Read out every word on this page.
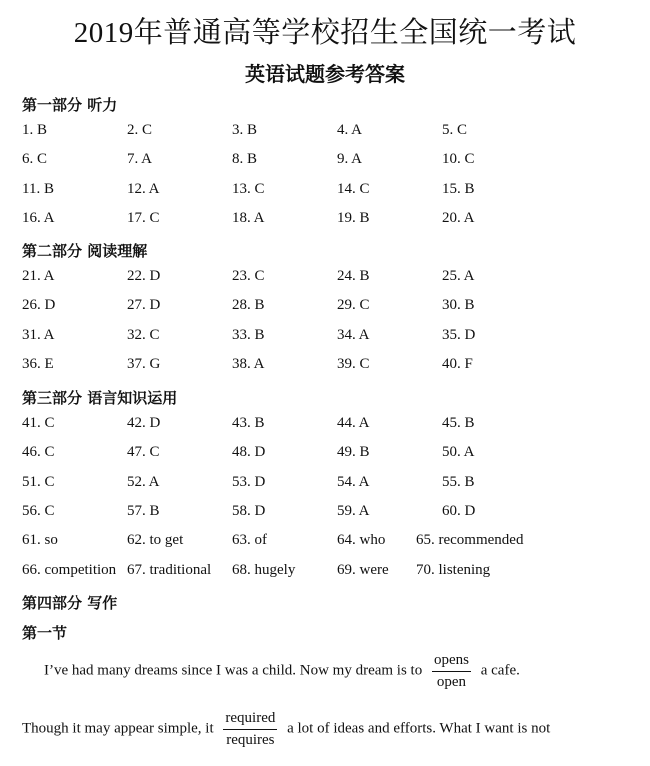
2019年普通高等学校招生全国统一考试
英语试题参考答案
第一部分 听力
1. B	2. C	3. B	4. A	5. C
6. C	7. A	8. B	9. A	10. C
11. B	12. A	13. C	14. C	15. B
16. A	17. C	18. A	19. B	20. A
第二部分 阅读理解
21. A	22. D	23. C	24. B	25. A
26. D	27. D	28. B	29. C	30. B
31. A	32. C	33. B	34. A	35. D
36. E	37. G	38. A	39. C	40. F
第三部分 语言知识运用
41. C	42. D	43. B	44. A	45. B
46. C	47. C	48. D	49. B	50. A
51. C	52. A	53. D	54. A	55. B
56. C	57. B	58. D	59. A	60. D
61. so	62. to get	63. of	64. who 65. recommended
66. competition 67. traditional 68. hugely	69. were 70. listening
第四部分 写作
第一节
I’ve had many dreams since I was a child. Now my dream is to $\frac{\text{opens}}{\text{open}}$ a cafe.
Though it may appear simple, it $\frac{\text{required}}{\text{requires}}$ a lot of ideas and efforts. What I want is not
